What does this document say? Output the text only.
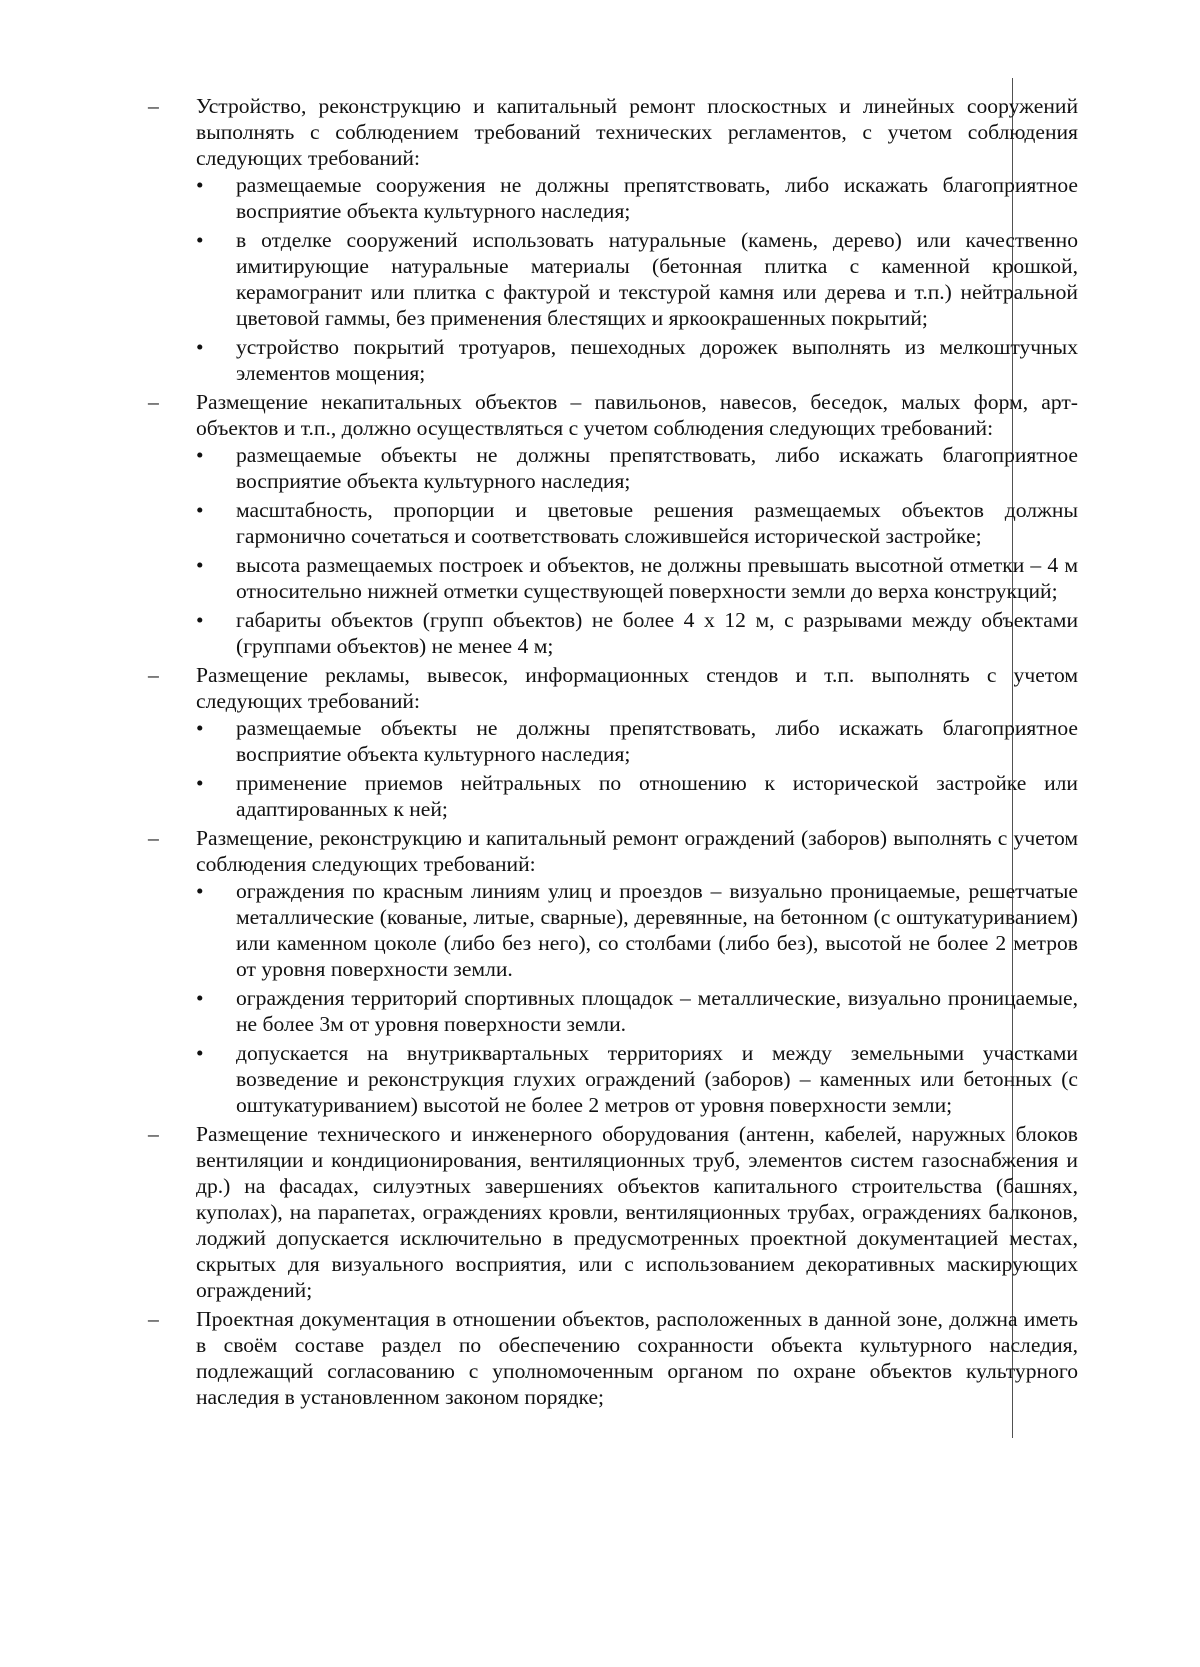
–	Устройство, реконструкцию и капитальный ремонт плоскостных и линейных сооружений выполнять с соблюдением требований технических регламентов, с учетом соблюдения следующих требований:
• размещаемые сооружения не должны препятствовать, либо искажать благоприятное восприятие объекта культурного наследия;
• в отделке сооружений использовать натуральные (камень, дерево) или качественно имитирующие натуральные материалы (бетонная плитка с каменной крошкой, керамогранит или плитка с фактурой и текстурой камня или дерева и т.п.) нейтральной цветовой гаммы, без применения блестящих и яркоокрашенных покрытий;
• устройство покрытий тротуаров, пешеходных дорожек выполнять из мелкоштучных элементов мощения;
–	Размещение некапитальных объектов – павильонов, навесов, беседок, малых форм, арт-объектов и т.п., должно осуществляться с учетом соблюдения следующих требований:
• размещаемые объекты не должны препятствовать, либо искажать благоприятное восприятие объекта культурного наследия;
• масштабность, пропорции и цветовые решения размещаемых объектов должны гармонично сочетаться и соответствовать сложившейся исторической застройке;
• высота размещаемых построек и объектов, не должны превышать высотной отметки – 4 м относительно нижней отметки существующей поверхности земли до верха конструкций;
• габариты объектов (групп объектов) не более 4 х 12 м, с разрывами между объектами (группами объектов) не менее 4 м;
–	Размещение рекламы, вывесок, информационных стендов и т.п. выполнять с учетом следующих требований:
• размещаемые объекты не должны препятствовать, либо искажать благоприятное восприятие объекта культурного наследия;
• применение приемов нейтральных по отношению к исторической застройке или адаптированных к ней;
–	Размещение, реконструкцию и капитальный ремонт ограждений (заборов) выполнять с учетом соблюдения следующих требований:
• ограждения по красным линиям улиц и проездов – визуально проницаемые, решетчатые металлические (кованые, литые, сварные), деревянные, на бетонном (с оштукатуриванием) или каменном цоколе (либо без него), со столбами (либо без), высотой не более 2 метров от уровня поверхности земли.
• ограждения территорий спортивных площадок – металлические, визуально проницаемые, не более 3м от уровня поверхности земли.
• допускается на внутриквартальных территориях и между земельными участками возведение и реконструкция глухих ограждений (заборов) – каменных или бетонных (с оштукатуриванием) высотой не более 2 метров от уровня поверхности земли;
–	Размещение технического и инженерного оборудования (антенн, кабелей, наружных блоков вентиляции и кондиционирования, вентиляционных труб, элементов систем газоснабжения и др.) на фасадах, силуэтных завершениях объектов капитального строительства (башнях, куполах), на парапетах, ограждениях кровли, вентиляционных трубах, ограждениях балконов, лоджий допускается исключительно в предусмотренных проектной документацией местах, скрытых для визуального восприятия, или с использованием декоративных маскирующих ограждений;
–	Проектная документация в отношении объектов, расположенных в данной зоне, должна иметь в своём составе раздел по обеспечению сохранности объекта культурного наследия, подлежащий согласованию с уполномоченным органом по охране объектов культурного наследия в установленном законом порядке;
